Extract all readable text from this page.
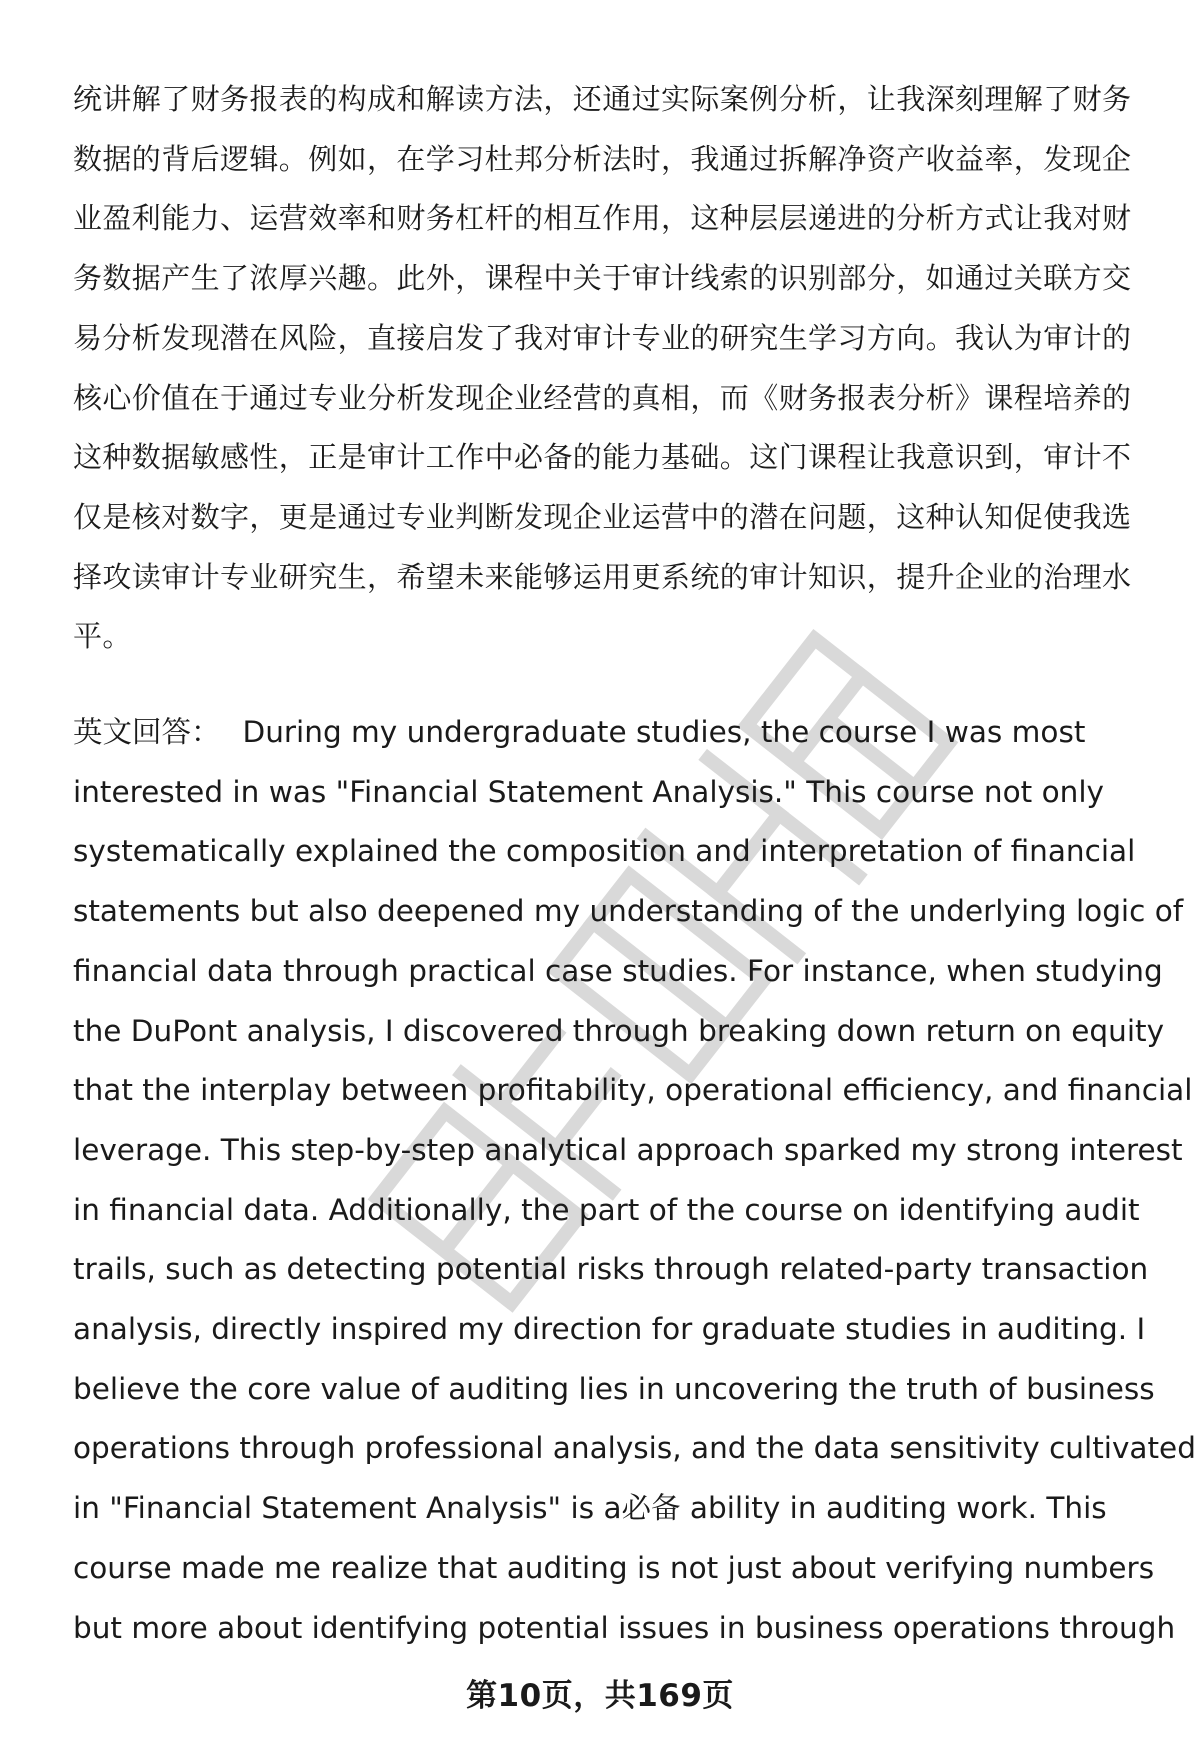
统讲解了财务报表的构成和解读方法，还通过实际案例分析，让我深刻理解了财务
数据的背后逻辑。例如，在学习杜邦分析法时，我通过拆解净资产收益率，发现企
业盈利能力、运营效率和财务杠杆的相互作用，这种层层递进的分析方式让我对财
务数据产生了浓厚兴趣。此外，课程中关于审计线索的识别部分，如通过关联方交
易分析发现潜在风险，直接启发了我对审计专业的研究生学习方向。我认为审计的
核心价值在于通过专业分析发现企业经营的真相，而《财务报表分析》课程培养的
这种数据敏感性，正是审计工作中必备的能力基础。这门课程让我意识到，审计不
仅是核对数字，更是通过专业判断发现企业运营中的潜在问题，这种认知促使我选
择攻读审计专业研究生，希望未来能够运用更系统的审计知识，提升企业的治理水
平。

英文回答： During my undergraduate studies, the course I was most
interested in was "Financial Statement Analysis." This course not only
systematically explained the composition and interpretation of financial
statements but also deepened my understanding of the underlying logic of
financial data through practical case studies. For instance, when studying
the DuPont analysis, I discovered through breaking down return on equity
that the interplay between profitability, operational efficiency, and financial
leverage. This step-by-step analytical approach sparked my strong interest
in financial data. Additionally, the part of the course on identifying audit
trails, such as detecting potential risks through related-party transaction
analysis, directly inspired my direction for graduate studies in auditing. I
believe the core value of auditing lies in uncovering the truth of business
operations through professional analysis, and the data sensitivity cultivated
in "Financial Statement Analysis" is a必备 ability in auditing work. This
course made me realize that auditing is not just about verifying numbers
but more about identifying potential issues in business operations through

第10页，共169页
